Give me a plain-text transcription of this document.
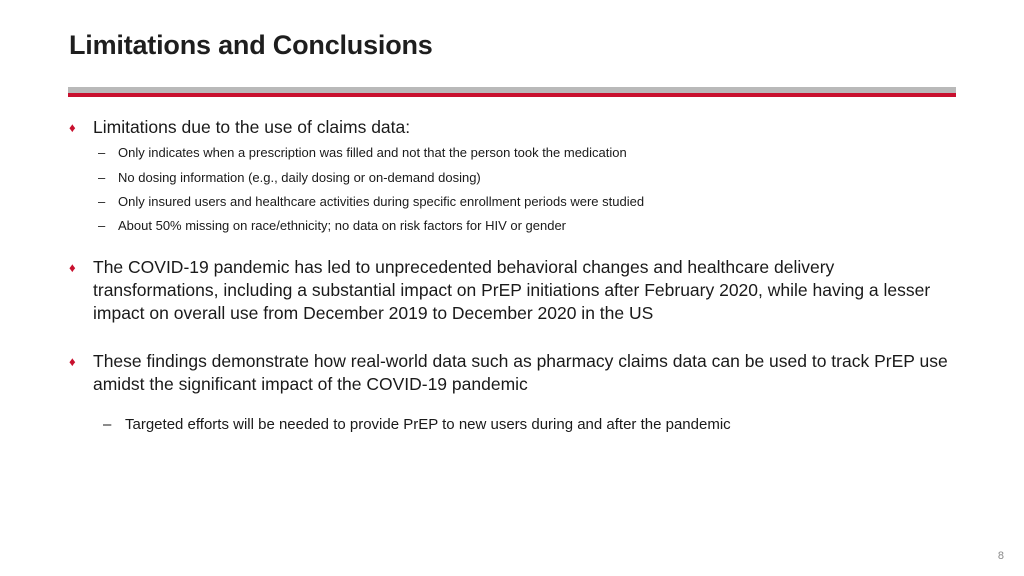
Limitations and Conclusions
♦ Limitations due to the use of claims data:
– Only indicates when a prescription was filled and not that the person took the medication
– No dosing information (e.g., daily dosing or on-demand dosing)
– Only insured users and healthcare activities during specific enrollment periods were studied
– About 50% missing on race/ethnicity; no data on risk factors for HIV or gender
♦ The COVID-19 pandemic has led to unprecedented behavioral changes and healthcare delivery transformations, including a substantial impact on PrEP initiations after February 2020, while having a lesser impact on overall use from December 2019 to December 2020 in the US
♦ These findings demonstrate how real-world data such as pharmacy claims data can be used to track PrEP use amidst the significant impact of the COVID-19 pandemic
– Targeted efforts will be needed to provide PrEP to new users during and after the pandemic
8
